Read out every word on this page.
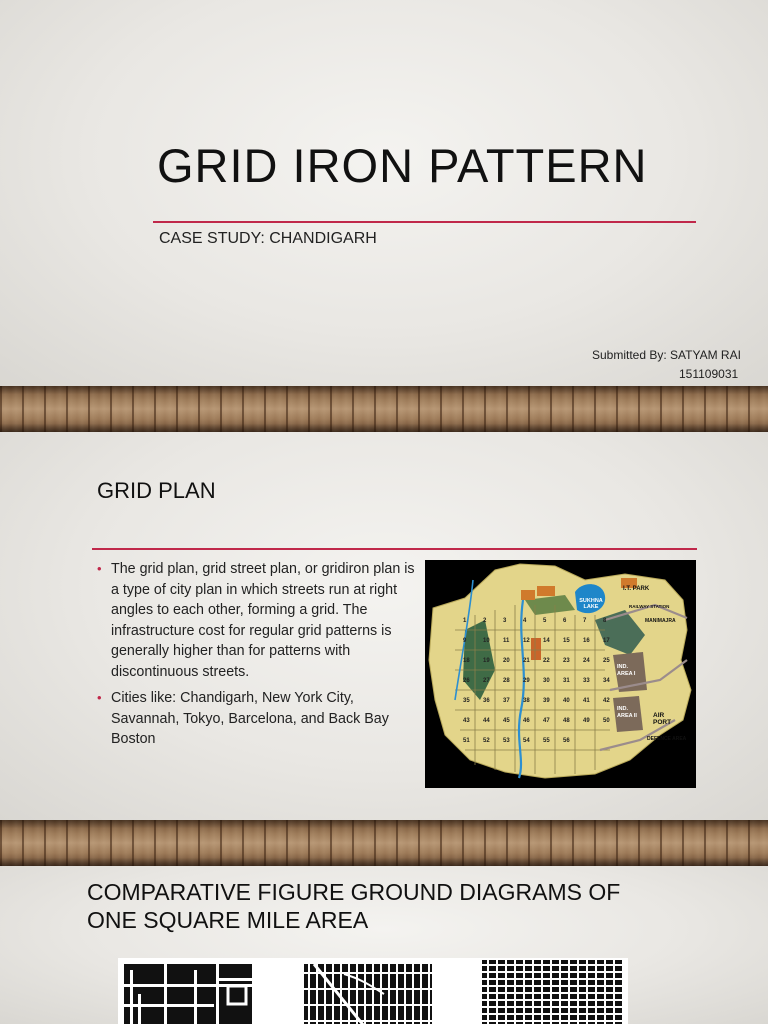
GRID IRON PATTERN
CASE STUDY: CHANDIGARH
Submitted By: SATYAM RAI
151109031
GRID PLAN
• The grid plan, grid street plan, or gridiron plan is a type of city plan in which streets run at right angles to each other, forming a grid. The infrastructure cost for regular grid patterns is generally higher than for patterns with discontinuous streets.
• Cities like: Chandigarh, New York City, Savannah, Tokyo, Barcelona, and Back Bay Boston
SUKHNA LAKE
I.T. PARK
MANIMAJRA
IND. AREA I
IND. AREA II	AIR PORT
DEFENCE AREA
RAILWAY STATION
1	2	3	4	5	6	7	8
9	10 11 12 14 15 16 17
18 19 20 21 22 23 24 25
26 27 28 29 30 31 33 34
35 36 37 38 39 40 41 42
43 44 45 46 47 48 49 50
51 52 53 54 55 56
COMPARATIVE FIGURE GROUND DIAGRAMS OF
ONE SQUARE MILE AREA
